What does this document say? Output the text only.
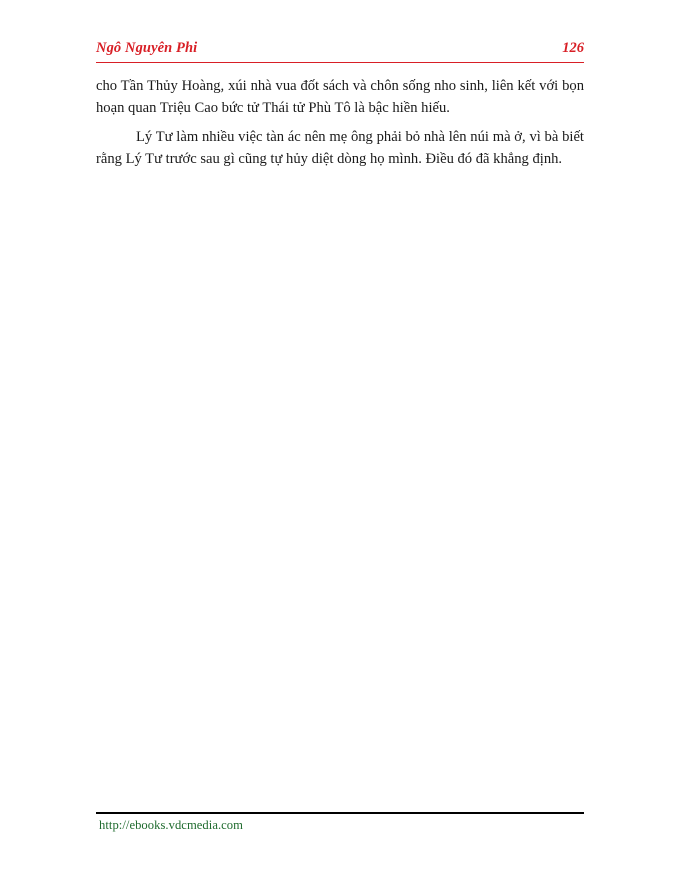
Ngô Nguyên Phi	126

cho Tần Thủy Hoàng, xúi nhà vua đốt sách và chôn sống nho sinh, liên kết với bọn hoạn quan Triệu Cao bức tử Thái tử Phù Tô là bậc hiền hiếu.

Lý Tư làm nhiều việc tàn ác nên mẹ ông phải bỏ nhà lên núi mà ở, vì bà biết rằng Lý Tư trước sau gì cũng tự hủy diệt dòng họ mình. Điều đó đã khẳng định.

http://ebooks.vdcmedia.com
